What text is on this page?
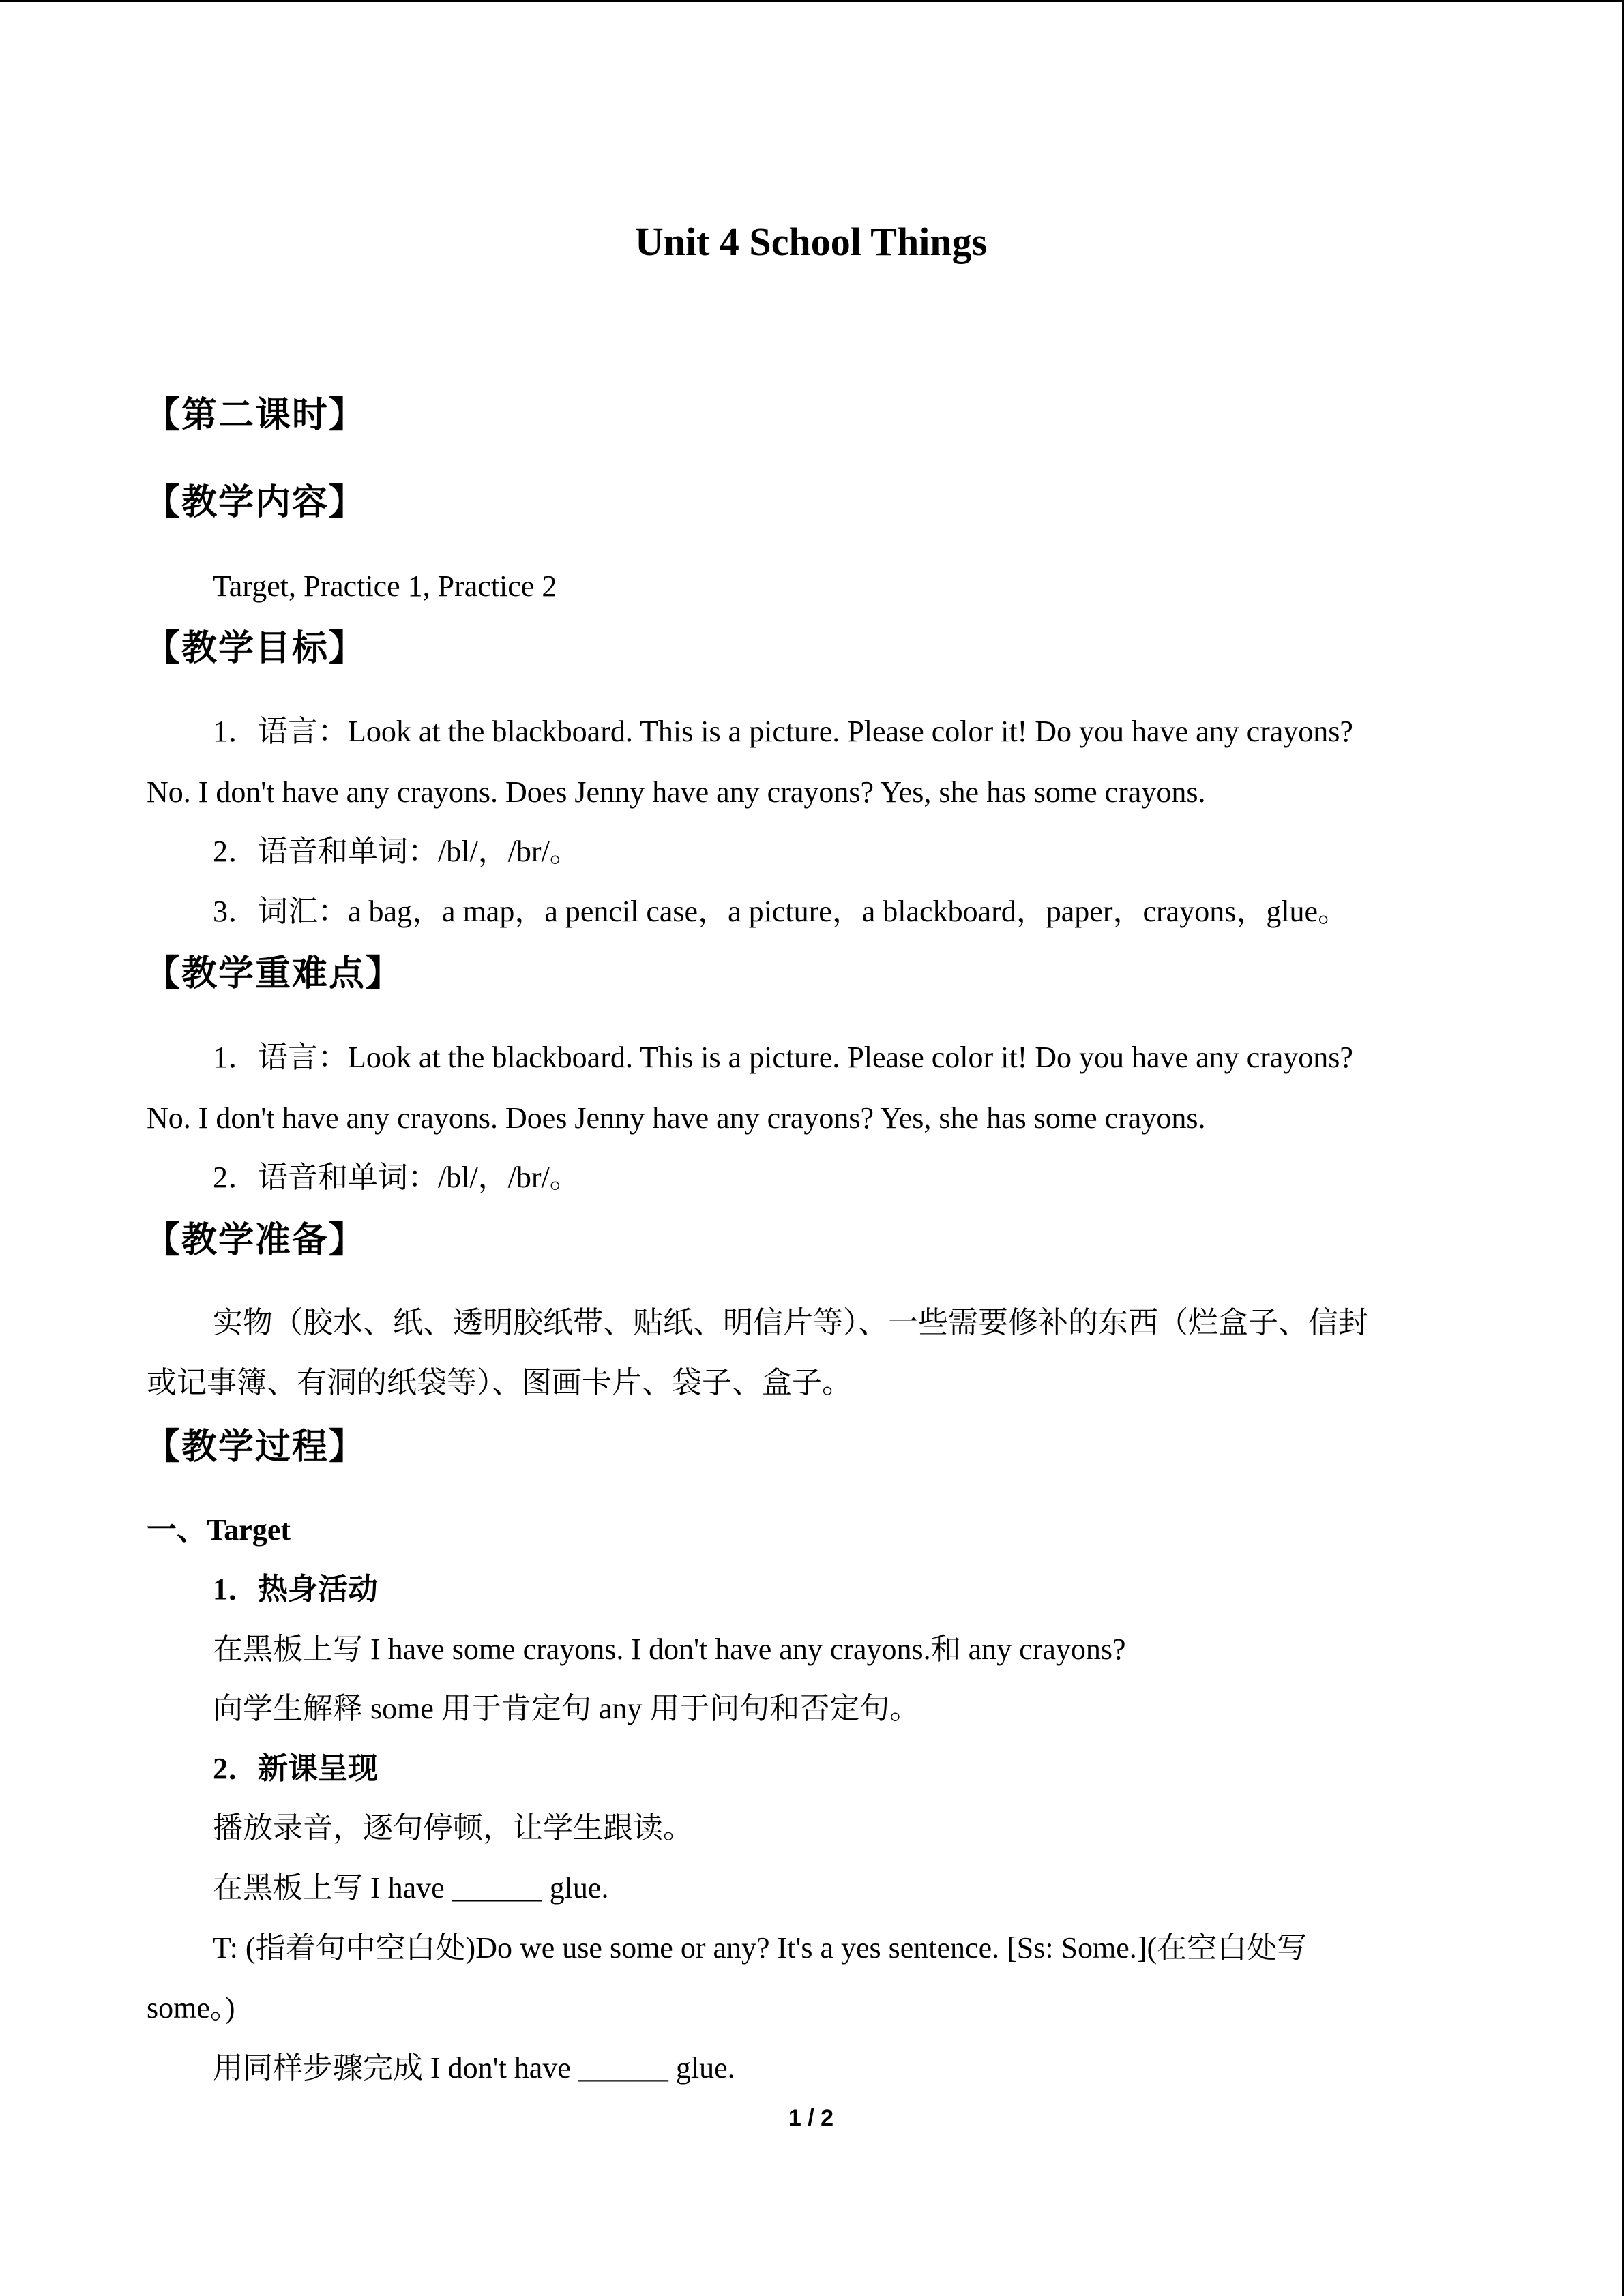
Unit 4 School Things
【第二课时】
【教学内容】
Target, Practice 1, Practice 2
【教学目标】
1．语言：Look at the blackboard. This is a picture. Please color it! Do you have any crayons?
No. I don't have any crayons. Does Jenny have any crayons? Yes, she has some crayons.
2．语音和单词：/bl/，/br/。
3．词汇：a bag，a map，a pencil case，a picture，a blackboard，paper，crayons，glue。
【教学重难点】
1．语言：Look at the blackboard. This is a picture. Please color it! Do you have any crayons?
No. I don't have any crayons. Does Jenny have any crayons? Yes, she has some crayons.
2．语音和单词：/bl/，/br/。
【教学准备】
实物（胶水、纸、透明胶纸带、贴纸、明信片等）、一些需要修补的东西（烂盒子、信封
或记事簿、有洞的纸袋等）、图画卡片、袋子、盒子。
【教学过程】
一、Target
1．热身活动
在黑板上写 I have some crayons. I don't have any crayons.和 any crayons?
向学生解释 some 用于肯定句 any 用于问句和否定句。
2．新课呈现
播放录音，逐句停顿，让学生跟读。
在黑板上写 I have ______ glue.
T: (指着句中空白处)Do we use some or any? It's a yes sentence. [Ss: Some.](在空白处写
some。)
用同样步骤完成 I don't have ______ glue.
1 / 2
